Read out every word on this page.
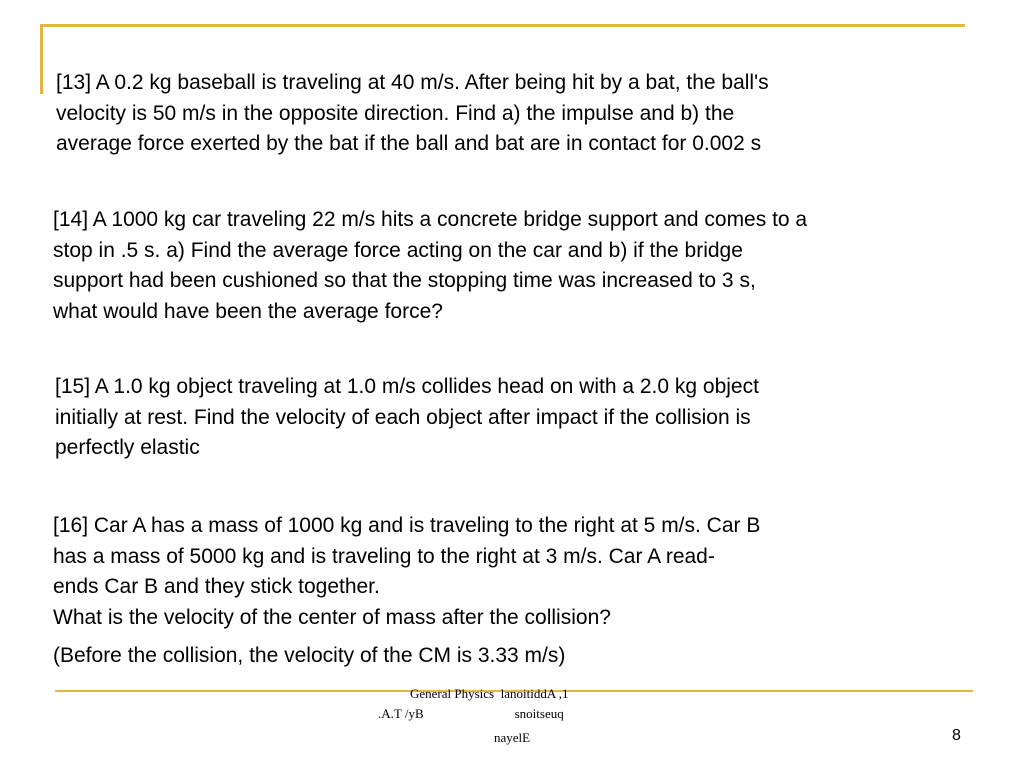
[13] A 0.2 kg baseball is traveling at 40 m/s. After being hit by a bat, the ball's
velocity is 50 m/s in the opposite direction. Find a) the impulse and b) the
average force exerted by the bat if the ball and bat are in contact for 0.002 s
[14] A 1000 kg car traveling 22 m/s hits a concrete bridge support and comes to a
stop in .5 s. a) Find the average force acting on the car and b) if the bridge
support had been cushioned so that the stopping time was increased to 3 s,
what would have been the average force?
[15] A 1.0 kg object traveling at 1.0 m/s collides head on with a 2.0 kg object
initially at rest. Find the velocity of each object after impact if the collision is
perfectly elastic
[16] Car A has a mass of 1000 kg and is traveling to the right at 5 m/s. Car B
has a mass of 5000 kg and is traveling to the right at 3 m/s. Car A read-
ends Car B and they stick together.

What is the velocity of the center of mass after the collision?

(Before the collision, the velocity of the CM is 3.33 m/s)

General Physics  lanoitiddA ,1
.A.T /yB                            snoitseuq
nayelE	8
